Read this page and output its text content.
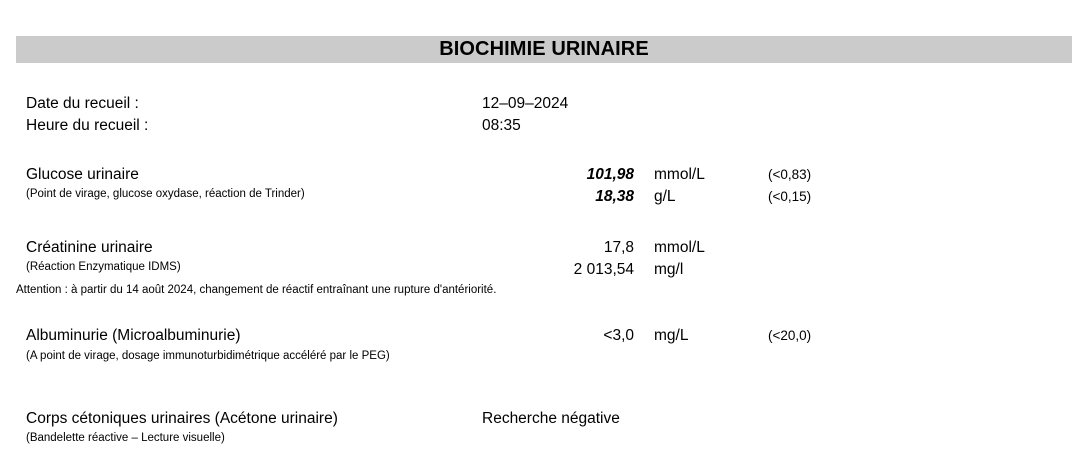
BIOCHIMIE URINAIRE
Date du recueil :	12–09–2024
Heure du recueil :	08:35
Glucose urinaire
(Point de virage, glucose oxydase, réaction de Trinder)
101,98 mmol/L	(<0,83)
18,38 g/L	(<0,15)
Créatinine urinaire
(Réaction Enzymatique IDMS)
17,8 mmol/L
2 013,54 mg/l
Attention : à partir du 14 août 2024, changement de réactif entraînant une rupture d'antériorité.
Albuminurie (Microalbuminurie)
(A point de virage, dosage immunoturbidimétrique accéléré par le PEG)
<3,0 mg/L	(<20,0)
Corps cétoniques urinaires (Acétone urinaire)
(Bandelette réactive – Lecture visuelle)
Recherche négative
